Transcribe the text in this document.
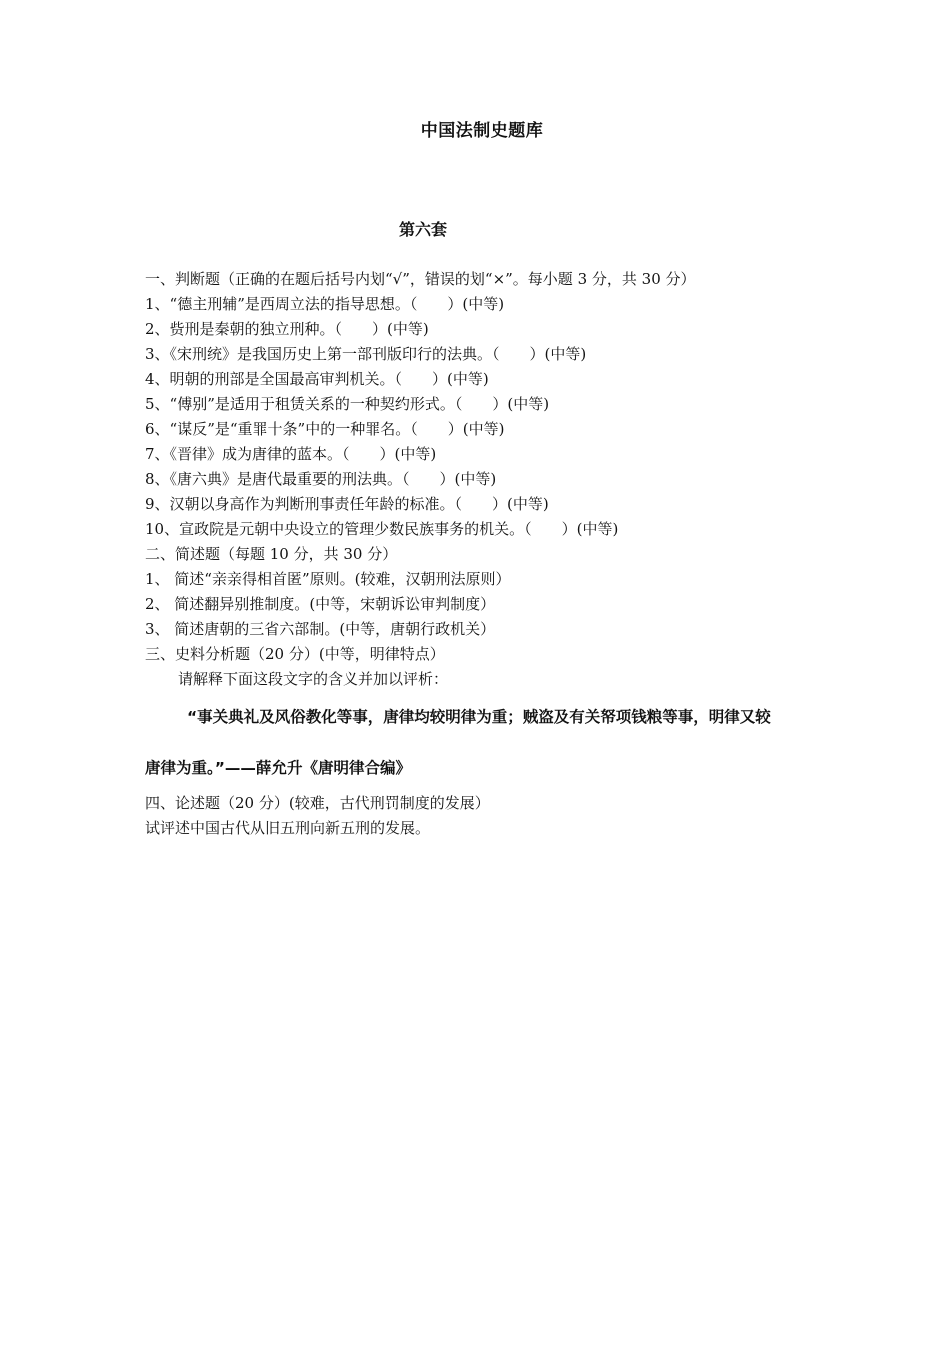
中国法制史题库
第六套
一、判断题（正确的在题后括号内划“√”，错误的划“×”。每小题 3 分，共 30 分）
1、“德主刑辅”是西周立法的指导思想。（　　）(中等)
2、赀刑是秦朝的独立刑种。（　　）(中等)
3、《宋刑统》是我国历史上第一部刊版印行的法典。（　　）(中等)
4、明朝的刑部是全国最高审判机关。（　　）(中等)
5、“傅别”是适用于租赁关系的一种契约形式。（　　）(中等)
6、“谋反”是“重罪十条”中的一种罪名。（　　）(中等)
7、《晋律》成为唐律的蓝本。（　　）(中等)
8、《唐六典》是唐代最重要的刑法典。（　　）(中等)
9、汉朝以身高作为判断刑事责任年龄的标准。（　　）(中等)
10、宣政院是元朝中央设立的管理少数民族事务的机关。（　　）(中等)
二、简述题（每题 10 分，共 30 分）
1、 简述“亲亲得相首匿”原则。(较难，汉朝刑法原则）
2、 简述翻异别推制度。(中等，宋朝诉讼审判制度）
3、 简述唐朝的三省六部制。(中等，唐朝行政机关）
三、史料分析题（20 分）(中等，明律特点）
请解释下面这段文字的含义并加以评析：
“事关典礼及风俗教化等事，唐律均较明律为重；贼盗及有关帑项钱粮等事，明律又较
唐律为重。”——薛允升《唐明律合编》
四、论述题（20 分）(较难，古代刑罚制度的发展）
试评述中国古代从旧五刑向新五刑的发展。
